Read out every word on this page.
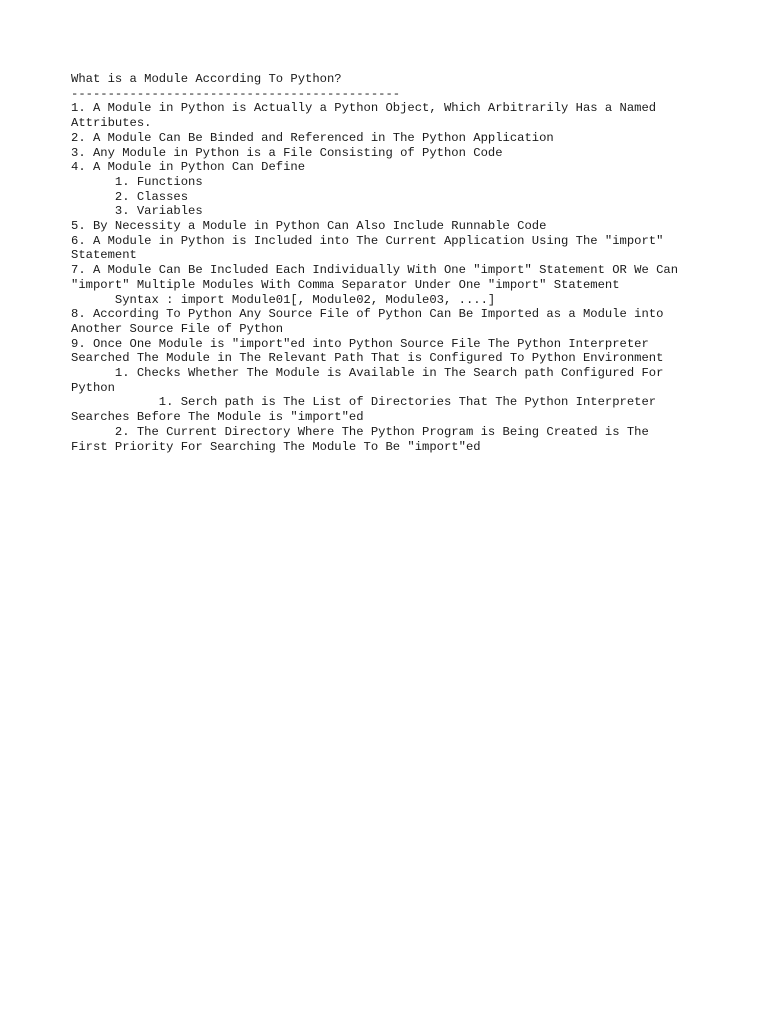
What is a Module According To Python?
---------------------------------------------
1. A Module in Python is Actually a Python Object, Which Arbitrarily Has a Named
Attributes.
2. A Module Can Be Binded and Referenced in The Python Application
3. Any Module in Python is a File Consisting of Python Code
4. A Module in Python Can Define
1. Functions
2. Classes
3. Variables
5. By Necessity a Module in Python Can Also Include Runnable Code
6. A Module in Python is Included into The Current Application Using The "import"
Statement
7. A Module Can Be Included Each Individually With One "import" Statement OR We Can
"import" Multiple Modules With Comma Separator Under One "import" Statement
Syntax : import Module01[, Module02, Module03, ....]
8. According To Python Any Source File of Python Can Be Imported as a Module into
Another Source File of Python
9. Once One Module is "import"ed into Python Source File The Python Interpreter
Searched The Module in The Relevant Path That is Configured To Python Environment
1. Checks Whether The Module is Available in The Search path Configured For
Python
1. Serch path is The List of Directories That The Python Interpreter
Searches Before The Module is "import"ed
2. The Current Directory Where The Python Program is Being Created is The
First Priority For Searching The Module To Be "import"ed
